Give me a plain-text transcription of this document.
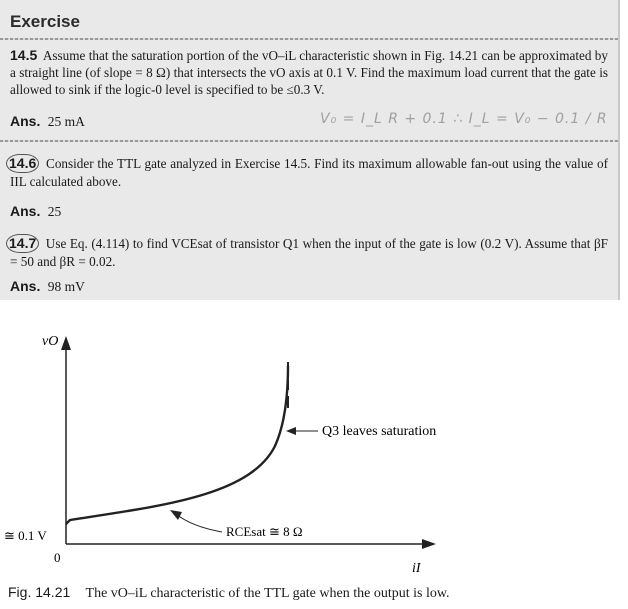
Exercise
14.5 Assume that the saturation portion of the vO–iL characteristic shown in Fig. 14.21 can be approximated by a straight line (of slope = 8 Ω) that intersects the vO axis at 0.1 V. Find the maximum load current that the gate is allowed to sink if the logic-0 level is specified to be ≤0.3 V.
Ans. 25 mA	V₀ = I_L R + 0.1 ∴ I_L = V₀ − 0.1 / R
14.6 Consider the TTL gate analyzed in Exercise 14.5. Find its maximum allowable fan-out using the value of IIL calculated above.
Ans. 25
14.7 Use Eq. (4.114) to find VCEsat of transistor Q1 when the input of the gate is low (0.2 V). Assume that βF = 50 and βR = 0.02.
Ans. 98 mV
Q3 leaves saturation
RCEsat ≅ 8 Ω
vO
iI
0
≅ 0.1 V
Fig. 14.21 The vO–iL characteristic of the TTL gate when the output is low.
